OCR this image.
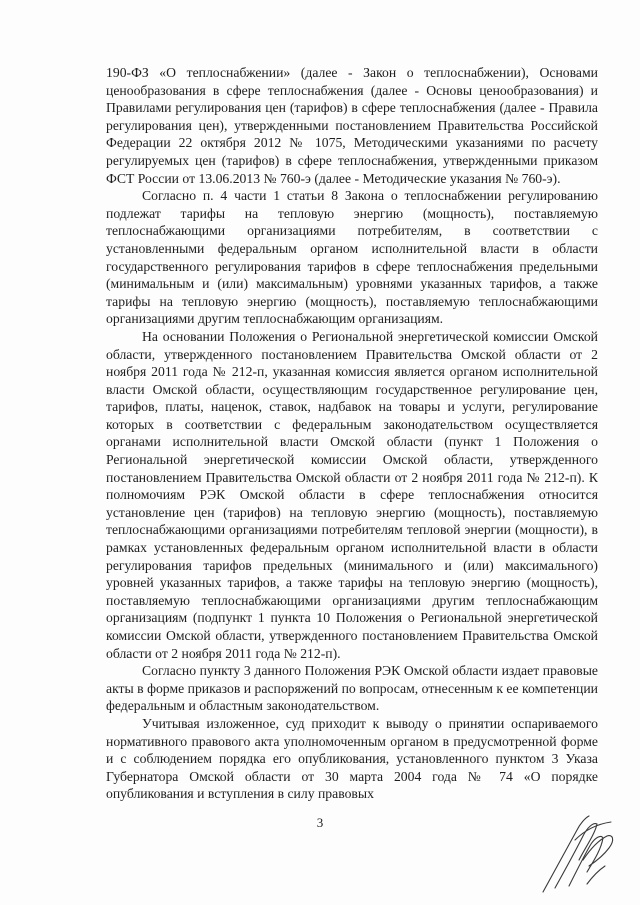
190-ФЗ «О теплоснабжении» (далее - Закон о теплоснабжении), Основами ценообразования в сфере теплоснабжения (далее - Основы ценообразования) и Правилами регулирования цен (тарифов) в сфере теплоснабжения (далее - Правила регулирования цен), утвержденными постановлением Правительства Российской Федерации 22 октября 2012 № 1075, Методическими указаниями по расчету регулируемых цен (тарифов) в сфере теплоснабжения, утвержденными приказом ФСТ России от 13.06.2013 № 760-э (далее - Методические указания № 760-э).

Согласно п. 4 части 1 статьи 8 Закона о теплоснабжении регулированию подлежат тарифы на тепловую энергию (мощность), поставляемую теплоснабжающими организациями потребителям, в соответствии с установленными федеральным органом исполнительной власти в области государственного регулирования тарифов в сфере теплоснабжения предельными (минимальным и (или) максимальным) уровнями указанных тарифов, а также тарифы на тепловую энергию (мощность), поставляемую теплоснабжающими организациями другим теплоснабжающим организациям.

На основании Положения о Региональной энергетической комиссии Омской области, утвержденного постановлением Правительства Омской области от 2 ноября 2011 года № 212-п, указанная комиссия является органом исполнительной власти Омской области, осуществляющим государственное регулирование цен, тарифов, платы, наценок, ставок, надбавок на товары и услуги, регулирование которых в соответствии с федеральным законодательством осуществляется органами исполнительной власти Омской области (пункт 1 Положения о Региональной энергетической комиссии Омской области, утвержденного постановлением Правительства Омской области от 2 ноября 2011 года № 212-п). К полномочиям РЭК Омской области в сфере теплоснабжения относится установление цен (тарифов) на тепловую энергию (мощность), поставляемую теплоснабжающими организациями потребителям тепловой энергии (мощности), в рамках установленных федеральным органом исполнительной власти в области регулирования тарифов предельных (минимального и (или) максимального) уровней указанных тарифов, а также тарифы на тепловую энергию (мощность), поставляемую теплоснабжающими организациями другим теплоснабжающим организациям (подпункт 1 пункта 10 Положения о Региональной энергетической комиссии Омской области, утвержденного постановлением Правительства Омской области от 2 ноября 2011 года № 212-п).

Согласно пункту 3 данного Положения РЭК Омской области издает правовые акты в форме приказов и распоряжений по вопросам, отнесенным к ее компетенции федеральным и областным законодательством.

Учитывая изложенное, суд приходит к выводу о принятии оспариваемого нормативного правового акта уполномоченным органом в предусмотренной форме и с соблюдением порядка его опубликования, установленного пунктом 3 Указа Губернатора Омской области от 30 марта 2004 года № 74 «О порядке опубликования и вступления в силу правовых

3
